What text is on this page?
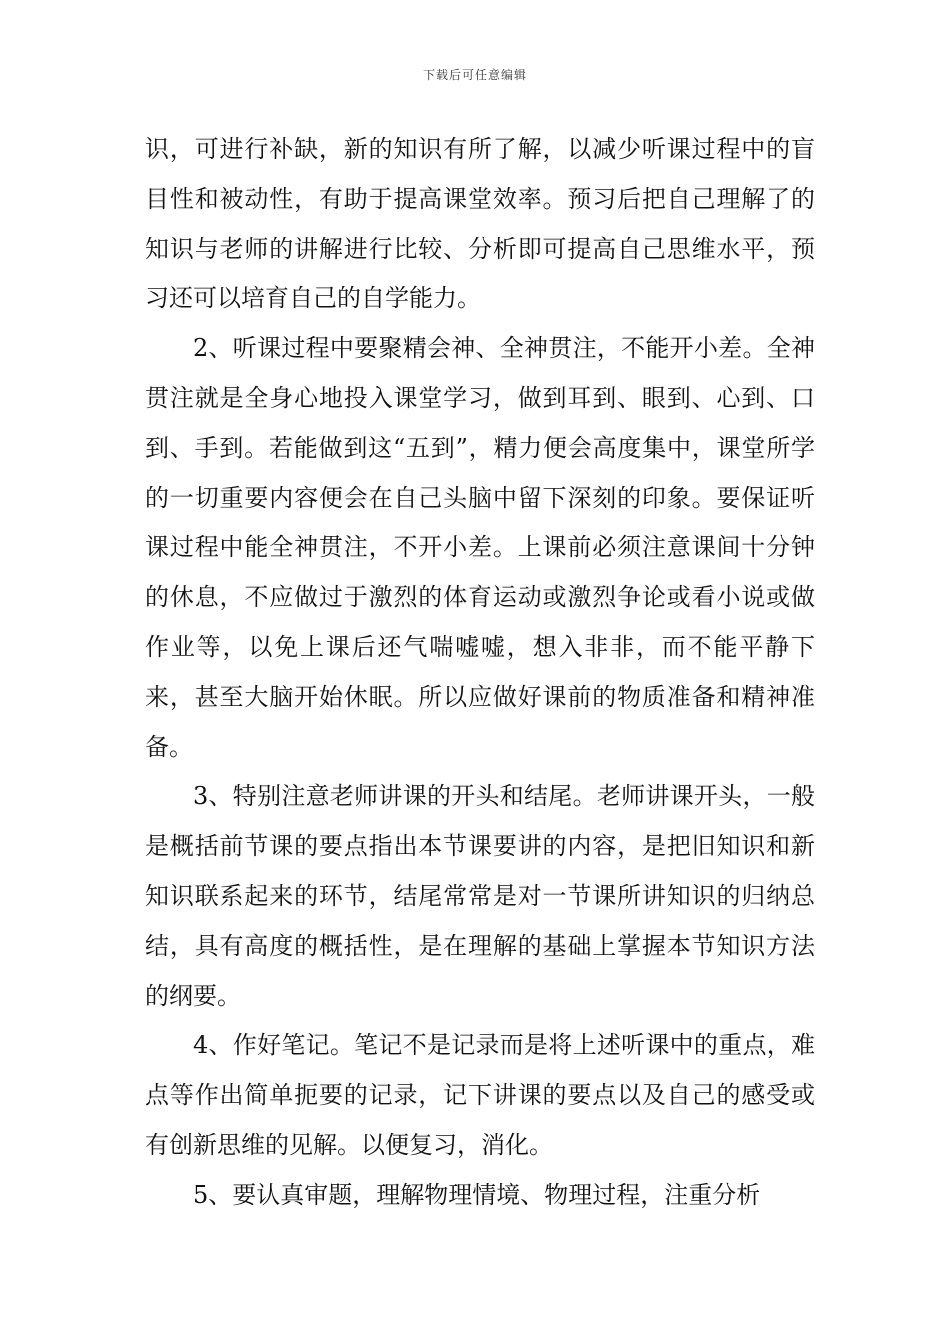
下载后可任意编辑

识，可进行补缺，新的知识有所了解，以减少听课过程中的盲目性和被动性，有助于提高课堂效率。预习后把自己理解了的知识与老师的讲解进行比较、分析即可提高自己思维水平，预习还可以培育自己的自学能力。

2、听课过程中要聚精会神、全神贯注，不能开小差。全神贯注就是全身心地投入课堂学习，做到耳到、眼到、心到、口到、手到。若能做到这“五到”，精力便会高度集中，课堂所学的一切重要内容便会在自己头脑中留下深刻的印象。要保证听课过程中能全神贯注，不开小差。上课前必须注意课间十分钟的休息，不应做过于激烈的体育运动或激烈争论或看小说或做作业等，以免上课后还气喘嘘嘘，想入非非，而不能平静下来，甚至大脑开始休眠。所以应做好课前的物质准备和精神准备。

3、特别注意老师讲课的开头和结尾。老师讲课开头，一般是概括前节课的要点指出本节课要讲的内容，是把旧知识和新知识联系起来的环节，结尾常常是对一节课所讲知识的归纳总结，具有高度的概括性，是在理解的基础上掌握本节知识方法的纲要。

4、作好笔记。笔记不是记录而是将上述听课中的重点，难点等作出简单扼要的记录，记下讲课的要点以及自己的感受或有创新思维的见解。以便复习，消化。

5、要认真审题，理解物理情境、物理过程，注重分析
